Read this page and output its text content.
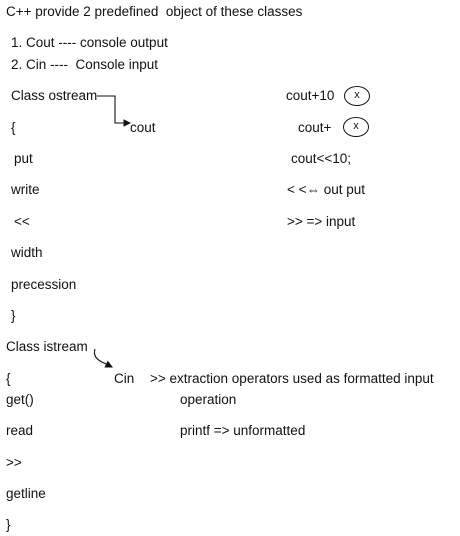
C++ provide 2 predefined  object of these classes
1. Cout ---- console output
2. Cin ----  Console input
Class ostream
{	cout
put
write
<<
width
precession
}
cout+10	x
cout+	x
cout<<10;
< <⇔ out put
>> => input
Class istream
{	Cin
get()
read
>>
getline
}
>> extraction operators used as formatted input
operation
printf => unformatted
